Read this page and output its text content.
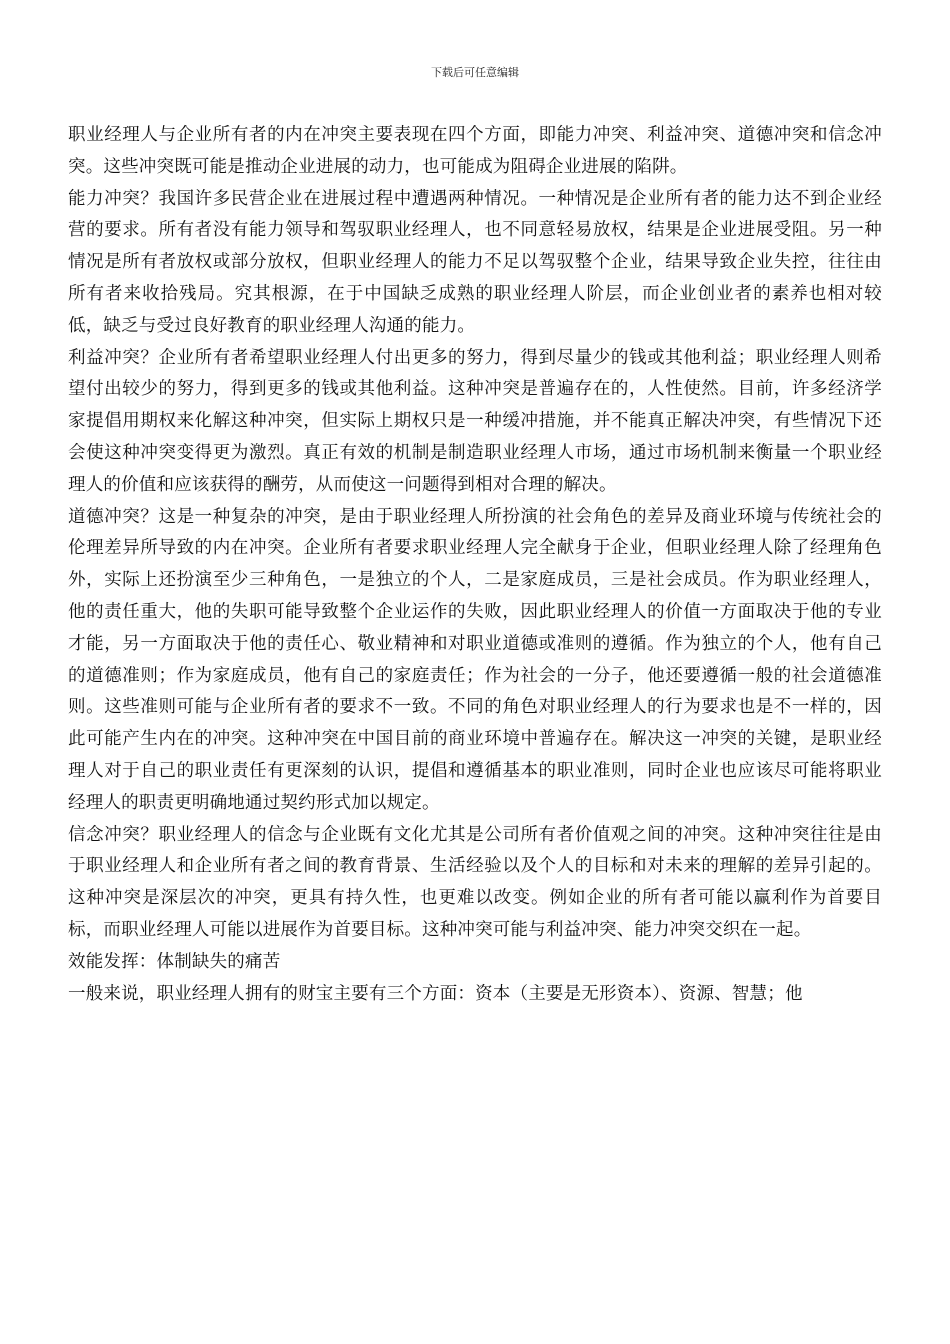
下载后可任意编辑

职业经理人与企业所有者的内在冲突主要表现在四个方面，即能力冲突、利益冲突、道德冲突和信念冲突。这些冲突既可能是推动企业进展的动力，也可能成为阻碍企业进展的陷阱。

能力冲突？我国许多民营企业在进展过程中遭遇两种情况。一种情况是企业所有者的能力达不到企业经营的要求。所有者没有能力领导和驾驭职业经理人，也不同意轻易放权，结果是企业进展受阻。另一种情况是所有者放权或部分放权，但职业经理人的能力不足以驾驭整个企业，结果导致企业失控，往往由所有者来收拾残局。究其根源，在于中国缺乏成熟的职业经理人阶层，而企业创业者的素养也相对较低，缺乏与受过良好教育的职业经理人沟通的能力。

利益冲突？企业所有者希望职业经理人付出更多的努力，得到尽量少的钱或其他利益；职业经理人则希望付出较少的努力，得到更多的钱或其他利益。这种冲突是普遍存在的，人性使然。目前，许多经济学家提倡用期权来化解这种冲突，但实际上期权只是一种缓冲措施，并不能真正解决冲突，有些情况下还会使这种冲突变得更为激烈。真正有效的机制是制造职业经理人市场，通过市场机制来衡量一个职业经理人的价值和应该获得的酬劳，从而使这一问题得到相对合理的解决。

道德冲突？这是一种复杂的冲突，是由于职业经理人所扮演的社会角色的差异及商业环境与传统社会的伦理差异所导致的内在冲突。企业所有者要求职业经理人完全献身于企业，但职业经理人除了经理角色外，实际上还扮演至少三种角色，一是独立的个人，二是家庭成员，三是社会成员。作为职业经理人，他的责任重大，他的失职可能导致整个企业运作的失败，因此职业经理人的价值一方面取决于他的专业才能，另一方面取决于他的责任心、敬业精神和对职业道德或准则的遵循。作为独立的个人，他有自己的道德准则；作为家庭成员，他有自己的家庭责任；作为社会的一分子，他还要遵循一般的社会道德准则。这些准则可能与企业所有者的要求不一致。不同的角色对职业经理人的行为要求也是不一样的，因此可能产生内在的冲突。这种冲突在中国目前的商业环境中普遍存在。解决这一冲突的关键，是职业经理人对于自己的职业责任有更深刻的认识，提倡和遵循基本的职业准则，同时企业也应该尽可能将职业经理人的职责更明确地通过契约形式加以规定。

信念冲突？职业经理人的信念与企业既有文化尤其是公司所有者价值观之间的冲突。这种冲突往往是由于职业经理人和企业所有者之间的教育背景、生活经验以及个人的目标和对未来的理解的差异引起的。这种冲突是深层次的冲突，更具有持久性，也更难以改变。例如企业的所有者可能以赢利作为首要目标，而职业经理人可能以进展作为首要目标。这种冲突可能与利益冲突、能力冲突交织在一起。

效能发挥：体制缺失的痛苦

一般来说，职业经理人拥有的财宝主要有三个方面：资本（主要是无形资本）、资源、智慧；他
